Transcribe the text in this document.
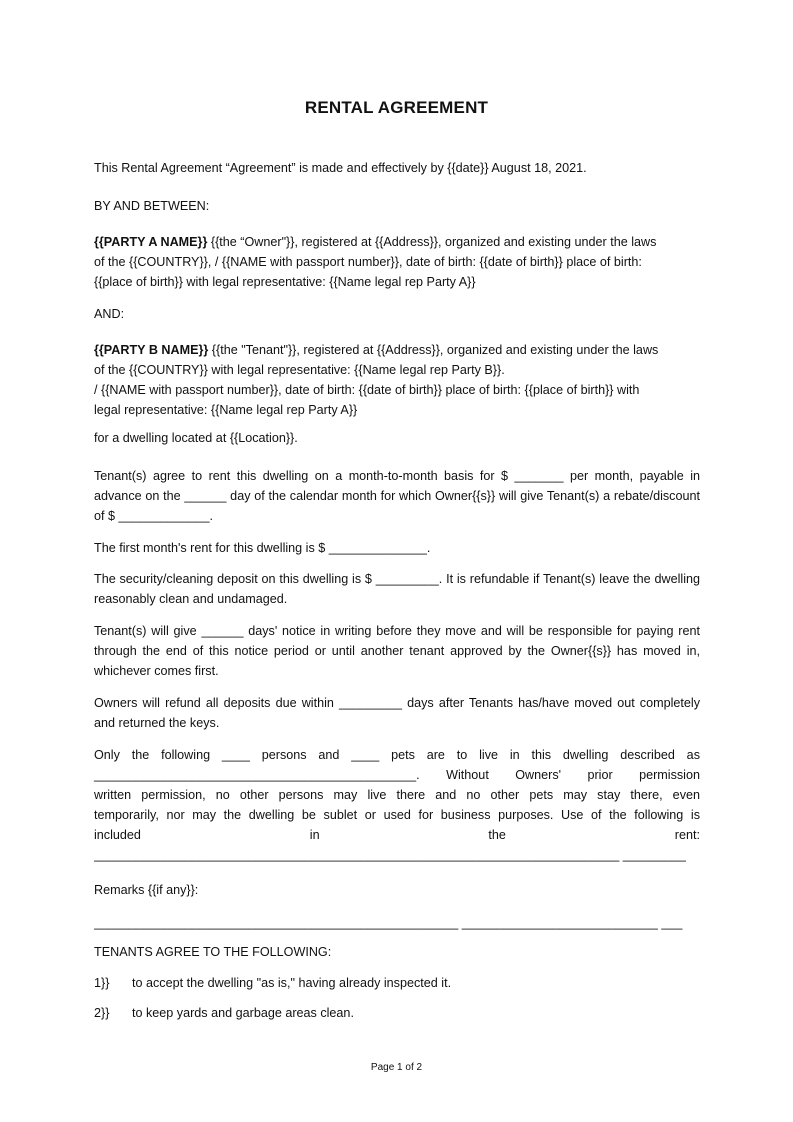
RENTAL AGREEMENT

This Rental Agreement “Agreement” is made and effectively by {{date}} August 18, 2021.

BY AND BETWEEN:

{{PARTY A NAME}} {{the “Owner"}}, registered at {{Address}}, organized and existing under the laws
of the {{COUNTRY}}, / {{NAME with passport number}}, date of birth: {{date of birth}} place of birth:
{{place of birth}} with legal representative: {{Name legal rep Party A}}

AND:

{{PARTY B NAME}} {{the "Tenant"}}, registered at {{Address}}, organized and existing under the laws
of the {{COUNTRY}} with legal representative: {{Name legal rep Party B}}.
/ {{NAME with passport number}}, date of birth: {{date of birth}} place of birth: {{place of birth}} with
legal representative: {{Name legal rep Party A}}

for a dwelling located at {{Location}}.

Tenant(s) agree to rent this dwelling on a month-to-month basis for $ _______ per month, payable in advance on the ______ day of the calendar month for which Owner{{s}} will give Tenant(s) a rebate/discount of $ _____________.

The first month's rent for this dwelling is $ ______________.

The security/cleaning deposit on this dwelling is $ _________. It is refundable if Tenant(s) leave the dwelling reasonably clean and undamaged.

Tenant(s) will give ______ days' notice in writing before they move and will be responsible for paying rent through the end of this notice period or until another tenant approved by the Owner{{s}} has moved in, whichever comes first.

Owners will refund all deposits due within _________ days after Tenants has/have moved out completely and returned the keys.

Only the following ____ persons and ____ pets are to live in this dwelling described as
______________________________________________. Without Owners' prior permission
written permission, no other persons may live there and no other pets may stay there, even
temporarily, nor may the dwelling be sublet or used for business purposes. Use of the following is
included in the rent:
___________________________________________________________________________ _________

Remarks {{if any}}:

____________________________________________________ ____________________________ ___

TENANTS AGREE TO THE FOLLOWING:

1}} to accept the dwelling "as is," having already inspected it.
2}} to keep yards and garbage areas clean.
Page 1 of 2
